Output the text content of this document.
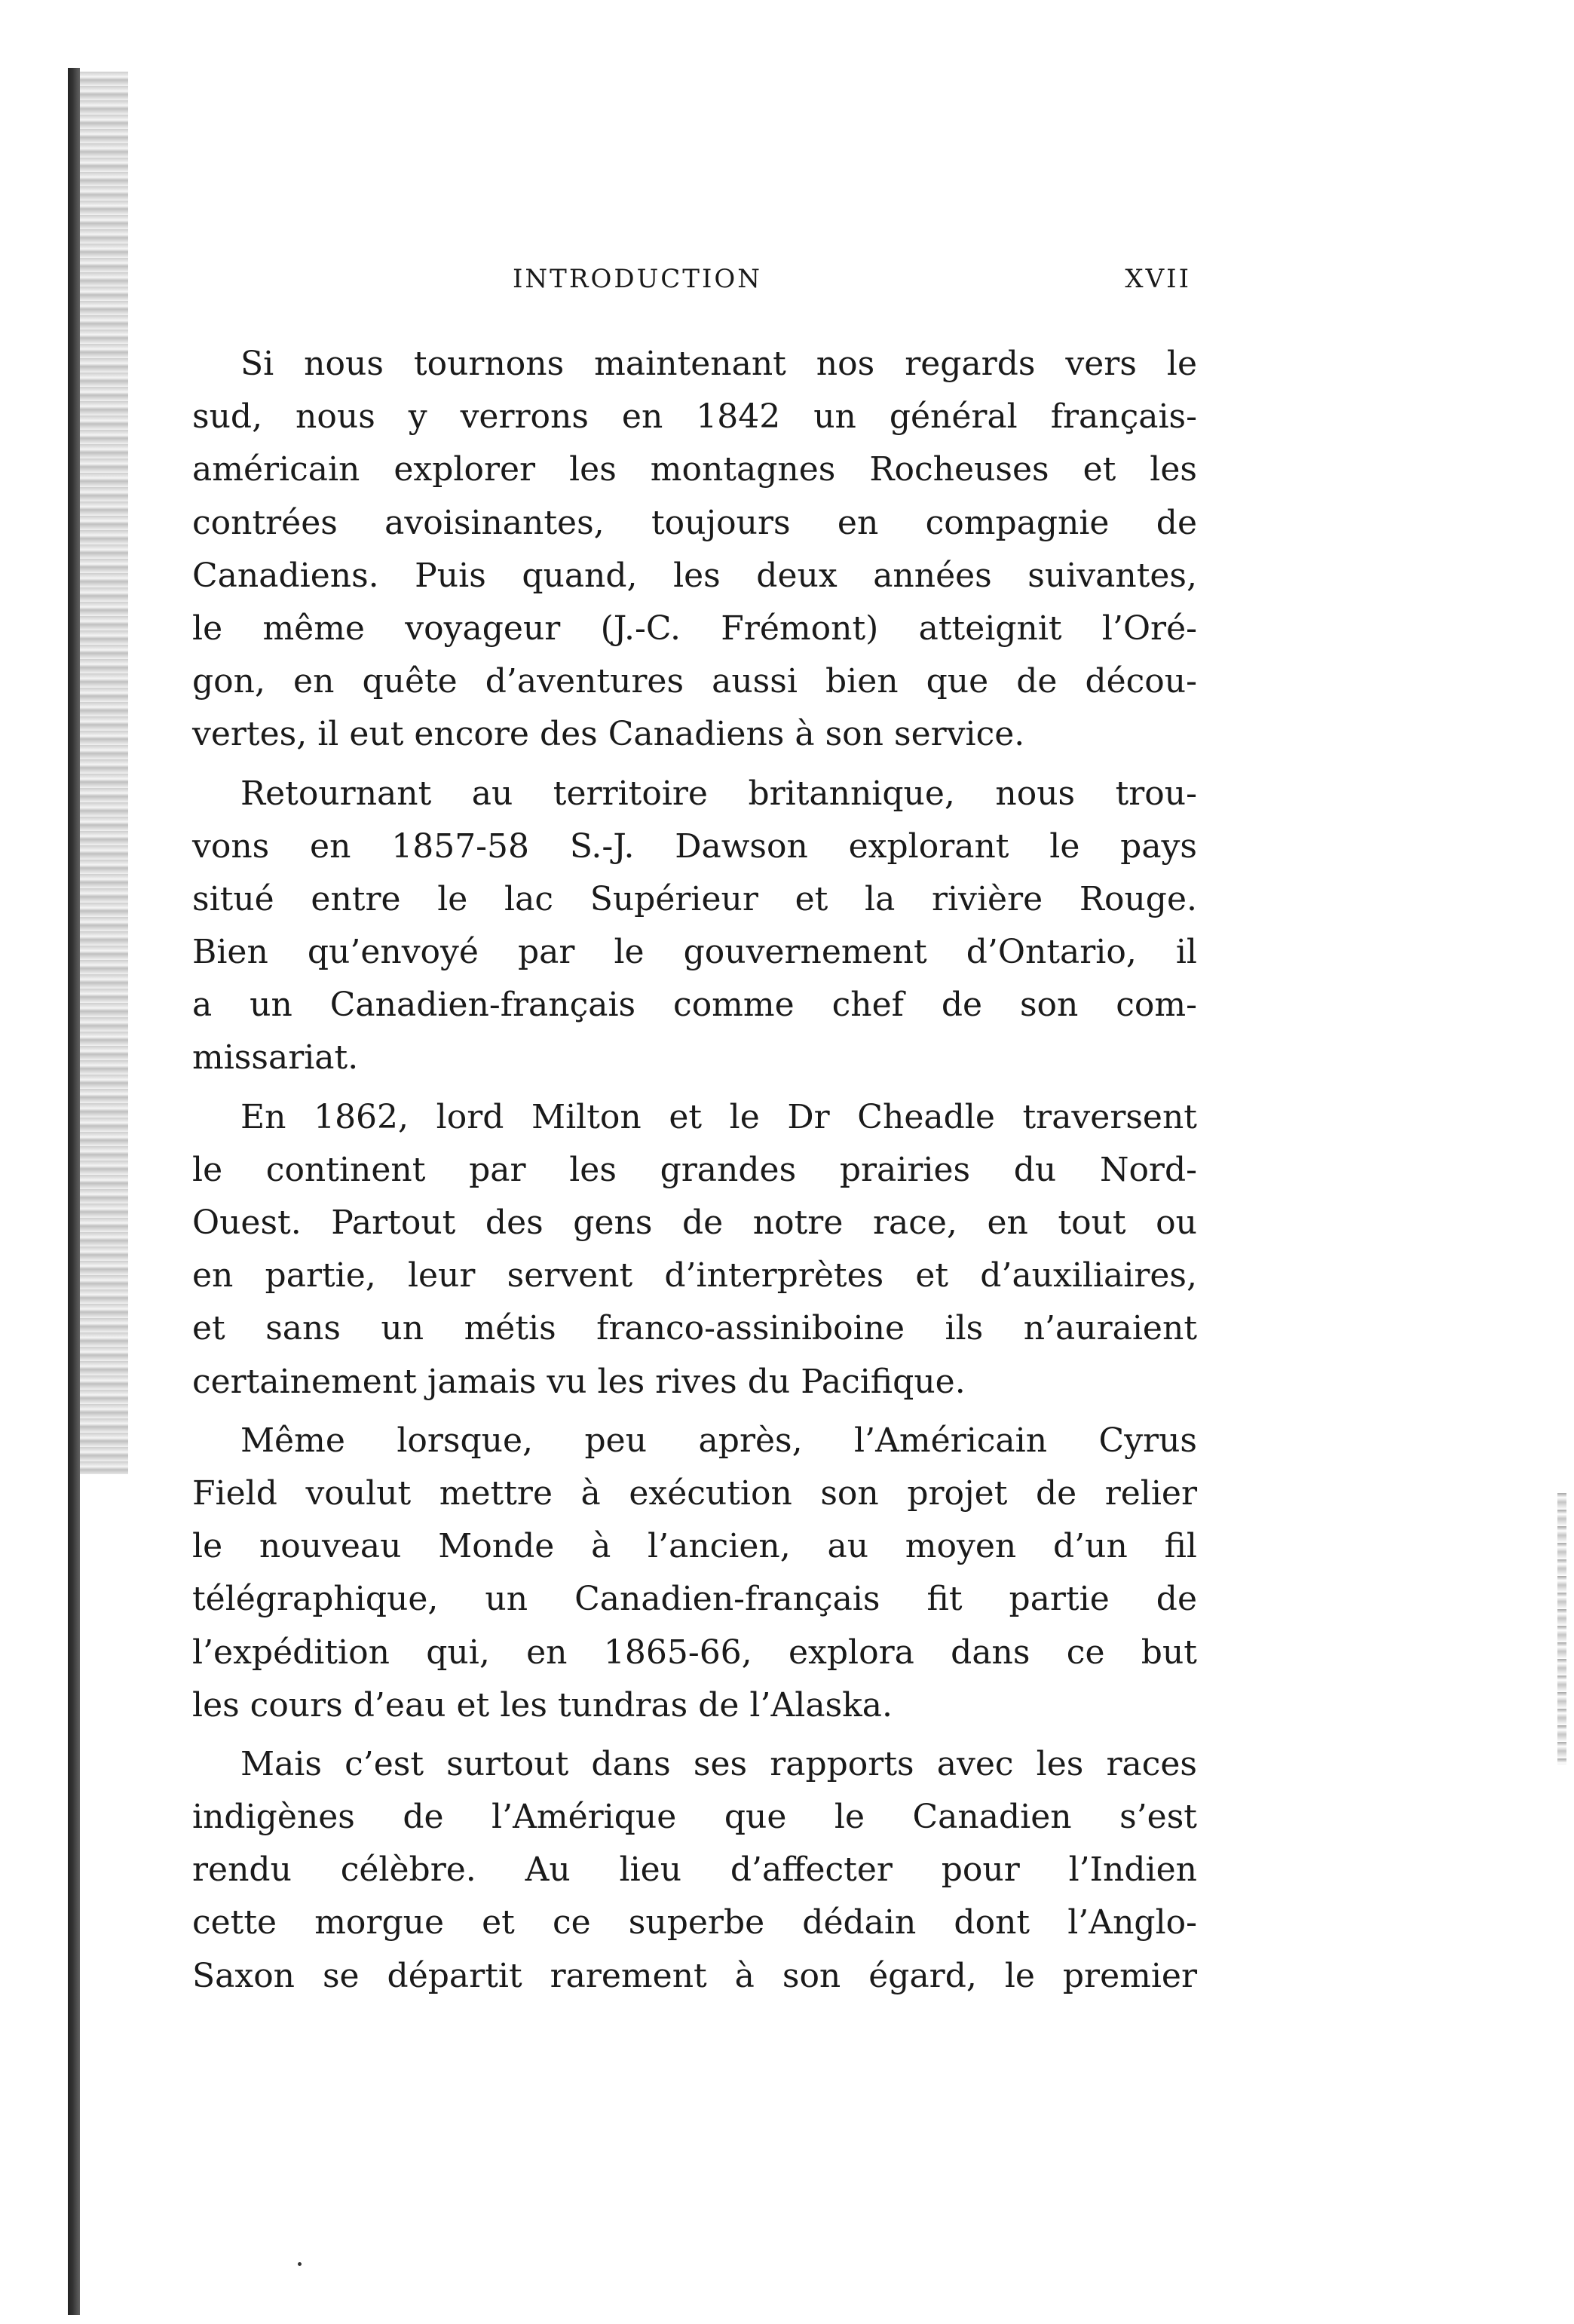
INTRODUCTION	XVII

Si nous tournons maintenant nos regards vers le
sud, nous y verrons en 1842 un général français-
américain explorer les montagnes Rocheuses et les
contrées avoisinantes, toujours en compagnie de
Canadiens. Puis quand, les deux années suivantes,
le même voyageur (J.-C. Frémont) atteignit l’Oré-
gon, en quête d’aventures aussi bien que de décou-
vertes, il eut encore des Canadiens à son service.

Retournant au territoire britannique, nous trou-
vons en 1857-58 S.-J. Dawson explorant le pays
situé entre le lac Supérieur et la rivière Rouge.
Bien qu’envoyé par le gouvernement d’Ontario, il
a un Canadien-français comme chef de son com-
missariat.

En 1862, lord Milton et le Dr Cheadle traversent
le continent par les grandes prairies du Nord-
Ouest. Partout des gens de notre race, en tout ou
en partie, leur servent d’interprètes et d’auxiliaires,
et sans un métis franco-assiniboine ils n’auraient
certainement jamais vu les rives du Pacifique.

Même lorsque, peu après, l’Américain Cyrus
Field voulut mettre à exécution son projet de relier
le nouveau Monde à l’ancien, au moyen d’un fil
télégraphique, un Canadien-français fit partie de
l’expédition qui, en 1865-66, explora dans ce but
les cours d’eau et les tundras de l’Alaska.

Mais c’est surtout dans ses rapports avec les races
indigènes de l’Amérique que le Canadien s’est
rendu célèbre. Au lieu d’affecter pour l’Indien
cette morgue et ce superbe dédain dont l’Anglo-
Saxon se départit rarement à son égard, le premier
